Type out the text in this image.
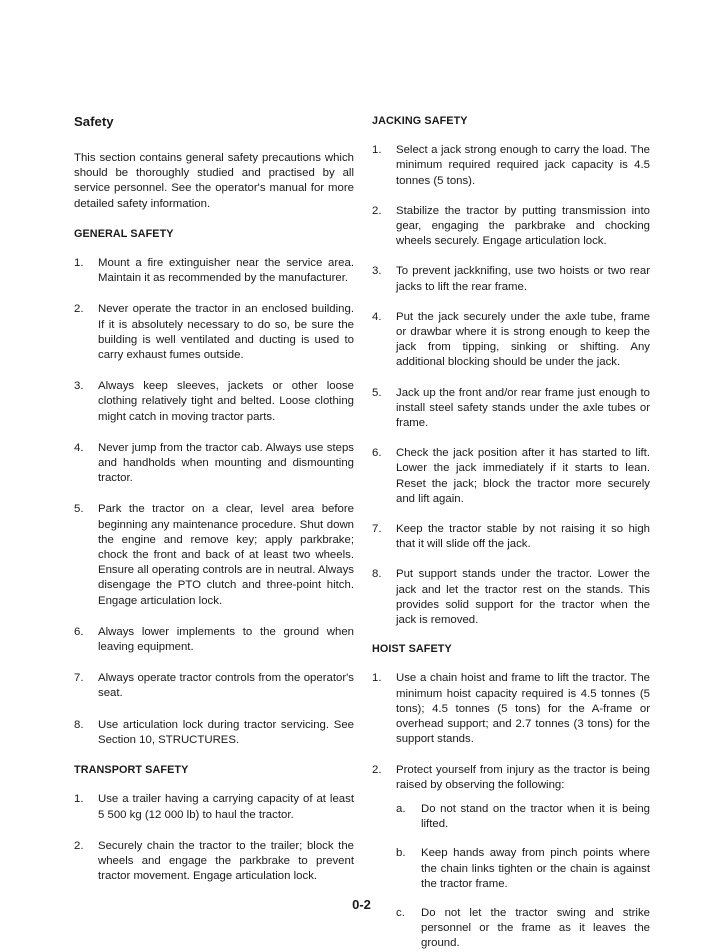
Safety

This section contains general safety precautions which should be thoroughly studied and practised by all service personnel. See the operator's manual for more detailed safety information.

GENERAL SAFETY
1. Mount a fire extinguisher near the service area. Maintain it as recommended by the manufacturer.
2. Never operate the tractor in an enclosed building. If it is absolutely necessary to do so, be sure the building is well ventilated and ducting is used to carry exhaust fumes outside.
3. Always keep sleeves, jackets or other loose clothing relatively tight and belted. Loose clothing might catch in moving tractor parts.
4. Never jump from the tractor cab. Always use steps and handholds when mounting and dismounting tractor.
5. Park the tractor on a clear, level area before beginning any maintenance procedure. Shut down the engine and remove key; apply parkbrake; chock the front and back of at least two wheels. Ensure all operating controls are in neutral. Always disengage the PTO clutch and three-point hitch. Engage articulation lock.
6. Always lower implements to the ground when leaving equipment.
7. Always operate tractor controls from the operator's seat.
8. Use articulation lock during tractor servicing. See Section 10, STRUCTURES.
TRANSPORT SAFETY
1. Use a trailer having a carrying capacity of at least 5 500 kg (12 000 lb) to haul the tractor.
2. Securely chain the tractor to the trailer; block the wheels and engage the parkbrake to prevent tractor movement. Engage articulation lock.
JACKING SAFETY
1. Select a jack strong enough to carry the load. The minimum required required jack capacity is 4.5 tonnes (5 tons).
2. Stabilize the tractor by putting transmission into gear, engaging the parkbrake and chocking wheels securely. Engage articulation lock.
3. To prevent jackknifing, use two hoists or two rear jacks to lift the rear frame.
4. Put the jack securely under the axle tube, frame or drawbar where it is strong enough to keep the jack from tipping, sinking or shifting. Any additional blocking should be under the jack.
5. Jack up the front and/or rear frame just enough to install steel safety stands under the axle tubes or frame.
6. Check the jack position after it has started to lift. Lower the jack immediately if it starts to lean. Reset the jack; block the tractor more securely and lift again.
7. Keep the tractor stable by not raising it so high that it will slide off the jack.
8. Put support stands under the tractor. Lower the jack and let the tractor rest on the stands. This provides solid support for the tractor when the jack is removed.
HOIST SAFETY
1. Use a chain hoist and frame to lift the tractor. The minimum hoist capacity required is 4.5 tonnes (5 tons); 4.5 tonnes (5 tons) for the A-frame or overhead support; and 2.7 tonnes (3 tons) for the support stands.
2. Protect yourself from injury as the tractor is being raised by observing the following:
a. Do not stand on the tractor when it is being lifted.
b. Keep hands away from pinch points where the chain links tighten or the chain is against the tractor frame.
c. Do not let the tractor swing and strike personnel or the frame as it leaves the ground.
0-2
